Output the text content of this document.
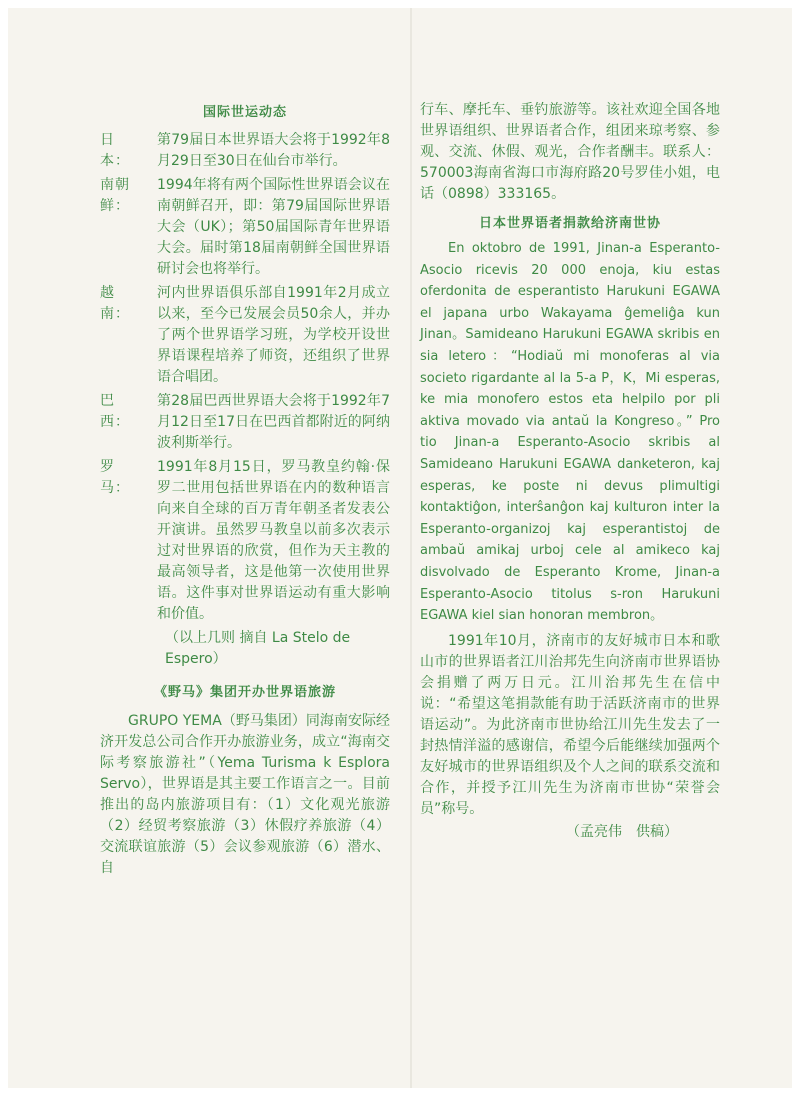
国际世运动态
日　本：
第79届日本世界语大会将于1992年8月29日至30日在仙台市举行。
南朝鲜：
1994年将有两个国际性世界语会议在南朝鲜召开，即：第79届国际世界语大会（UK）；第50届国际青年世界语大会。届时第18届南朝鲜全国世界语研讨会也将举行。
越　南：
河内世界语俱乐部自1991年2月成立以来，至今已发展会员50余人，并办了两个世界语学习班，为学校开设世界语课程培养了师资，还组织了世界语合唱团。
巴　西：
第28届巴西世界语大会将于1992年7月12日至17日在巴西首都附近的阿纳波利斯举行。
罗　马：
1991年8月15日，罗马教皇约翰·保罗二世用包括世界语在内的数种语言向来自全球的百万青年朝圣者发表公开演讲。虽然罗马教皇以前多次表示过对世界语的欣赏，但作为天主教的最高领导者，这是他第一次使用世界语。这件事对世界语运动有重大影响和价值。
（以上几则 摘自 La Stelo de Espero）
《野马》集团开办世界语旅游
GRUPO YEMA（野马集团）同海南安际经济开发总公司合作开办旅游业务，成立“海南交际考察旅游社”（Yema Turisma k Esplora Servo），世界语是其主要工作语言之一。目前推出的岛内旅游项目有：（1）文化观光旅游（2）经贸考察旅游（3）休假疗养旅游（4）交流联谊旅游（5）会议参观旅游（6）潜水、自
行车、摩托车、垂钓旅游等。该社欢迎全国各地世界语组织、世界语者合作，组团来琼考察、参观、交流、休假、观光，合作者酬丰。联系人：570003海南省海口市海府路20号罗佳小姐，电话（0898）333165。
日本世界语者捐款给济南世协
En oktobro de 1991, Jinan-a Esperanto-Asocio ricevis 20 000 enoja, kiu estas oferdonita de esperantisto Harukuni EGAWA el japana urbo Wakayama ĝemeliĝa kun Jinan。Samideano Harukuni EGAWA skribis en sia letero：“Hodiaŭ mi monoferas al via societo rigardante al la 5-a P，K，Mi esperas, ke mia monofero estos eta helpilo por pli aktiva movado via antaŭ la Kongreso。” Pro tio Jinan-a Esperanto-Asocio skribis al Samideano Harukuni EGAWA danketeron, kaj esperas, ke poste ni devus plimultigi kontaktiĝon, interŝanĝon kaj kulturon inter la Esperanto-organizoj kaj esperantistoj de ambaŭ amikaj urboj cele al amikeco kaj disvolvado de Esperanto Krome, Jinan-a Esperanto-Asocio titolus s-ron Harukuni EGAWA kiel sian honoran membron。
1991年10月，济南市的友好城市日本和歌山市的世界语者江川治邦先生向济南市世界语协会捐赠了两万日元。江川治邦先生在信中说：“希望这笔捐款能有助于活跃济南市的世界语运动”。为此济南市世协给江川先生发去了一封热情洋溢的感谢信，希望今后能继续加强两个友好城市的世界语组织及个人之间的联系交流和合作，并授予江川先生为济南市世协“荣誉会员”称号。
（孟亮伟　供稿）
